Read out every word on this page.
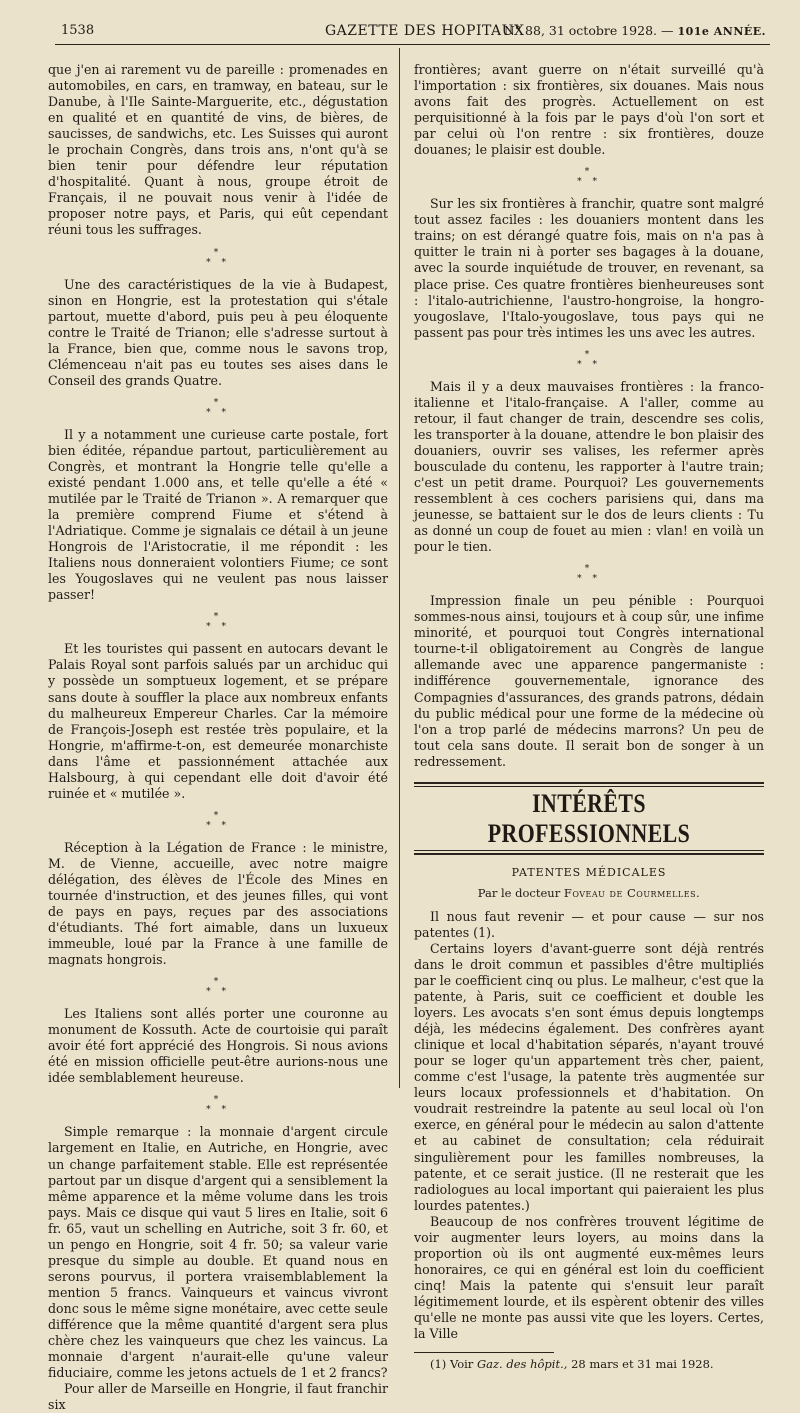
1538	GAZETTE DES HOPITAUX
N° 88, 31 octobre 1928. — 101e ANNÉE.

que j'en ai rarement vu de pareille : promenades en automobiles, en cars, en tramway, en bateau, sur le Danube, à l'Ile Sainte-Marguerite, etc., dégustation en qualité et en quantité de vins, de bières, de saucisses, de sandwichs, etc. Les Suisses qui auront le prochain Congrès, dans trois ans, n'ont qu'à se bien tenir pour défendre leur réputation d'hospitalité. Quant à nous, groupe étroit de Français, il ne pouvait nous venir à l'idée de proposer notre pays, et Paris, qui eût cependant réuni tous les suffrages.

*
* *

Une des caractéristiques de la vie à Budapest, sinon en Hongrie, est la protestation qui s'étale partout, muette d'abord, puis peu à peu éloquente contre le Traité de Trianon; elle s'adresse surtout à la France, bien que, comme nous le savons trop, Clémenceau n'ait pas eu toutes ses aises dans le Conseil des grands Quatre.

*
* *

Il y a notamment une curieuse carte postale, fort bien éditée, répandue partout, particulièrement au Congrès, et montrant la Hongrie telle qu'elle a existé pendant 1.000 ans, et telle qu'elle a été « mutilée par le Traité de Trianon ». A remarquer que la première comprend Fiume et s'étend à l'Adriatique. Comme je signalais ce détail à un jeune Hongrois de l'Aristocratie, il me répondit : les Italiens nous donneraient volontiers Fiume; ce sont les Yougoslaves qui ne veulent pas nous laisser passer!

*
* *

Et les touristes qui passent en autocars devant le Palais Royal sont parfois salués par un archiduc qui y possède un somptueux logement, et se prépare sans doute à souffler la place aux nombreux enfants du malheureux Empereur Charles. Car la mémoire de François-Joseph est restée très populaire, et la Hongrie, m'affirme-t-on, est demeurée monarchiste dans l'âme et passionnément attachée aux Halsbourg, à qui cependant elle doit d'avoir été ruinée et « mutilée ».

*
* *

Réception à la Légation de France : le ministre, M. de Vienne, accueille, avec notre maigre délégation, des élèves de l'École des Mines en tournée d'instruction, et des jeunes filles, qui vont de pays en pays, reçues par des associations d'étudiants. Thé fort aimable, dans un luxueux immeuble, loué par la France à une famille de magnats hongrois.

*
* *

Les Italiens sont allés porter une couronne au monument de Kossuth. Acte de courtoisie qui paraît avoir été fort apprécié des Hongrois. Si nous avions été en mission officielle peut-être aurions-nous une idée semblablement heureuse.

*
* *

Simple remarque : la monnaie d'argent circule largement en Italie, en Autriche, en Hongrie, avec un change parfaitement stable. Elle est représentée partout par un disque d'argent qui a sensiblement la même apparence et la même volume dans les trois pays. Mais ce disque qui vaut 5 lires en Italie, soit 6 fr. 65, vaut un schelling en Autriche, soit 3 fr. 60, et un pengo en Hongrie, soit 4 fr. 50; sa valeur varie presque du simple au double. Et quand nous en serons pourvus, il portera vraisemblablement la mention 5 francs. Vainqueurs et vaincus vivront donc sous le même signe monétaire, avec cette seule différence que la même quantité d'argent sera plus chère chez les vainqueurs que chez les vaincus. La monnaie d'argent n'aurait-elle qu'une valeur fiduciaire, comme les jetons actuels de 1 et 2 francs?

Pour aller de Marseille en Hongrie, il faut franchir six

frontières; avant guerre on n'était surveillé qu'à l'importation : six frontières, six douanes. Mais nous avons fait des progrès. Actuellement on est perquisitionné à la fois par le pays d'où l'on sort et par celui où l'on rentre : six frontières, douze douanes; le plaisir est double.

*
* *

Sur les six frontières à franchir, quatre sont malgré tout assez faciles : les douaniers montent dans les trains; on est dérangé quatre fois, mais on n'a pas à quitter le train ni à porter ses bagages à la douane, avec la sourde inquiétude de trouver, en revenant, sa place prise. Ces quatre frontières bienheureuses sont : l'italo-autrichienne, l'austro-hongroise, la hongro-yougoslave, l'Italo-yougoslave, tous pays qui ne passent pas pour très intimes les uns avec les autres.

*
* *

Mais il y a deux mauvaises frontières : la franco-italienne et l'italo-française. A l'aller, comme au retour, il faut changer de train, descendre ses colis, les transporter à la douane, attendre le bon plaisir des douaniers, ouvrir ses valises, les refermer après bousculade du contenu, les rapporter à l'autre train; c'est un petit drame. Pourquoi? Les gouvernements ressemblent à ces cochers parisiens qui, dans ma jeunesse, se battaient sur le dos de leurs clients : Tu as donné un coup de fouet au mien : vlan! en voilà un pour le tien.

*
* *

Impression finale un peu pénible : Pourquoi sommes-nous ainsi, toujours et à coup sûr, une infime minorité, et pourquoi tout Congrès international tourne-t-il obligatoirement au Congrès de langue allemande avec une apparence pangermaniste : indifférence gouvernementale, ignorance des Compagnies d'assurances, des grands patrons, dédain du public médical pour une forme de la médecine où l'on a trop parlé de médecins marrons? Un peu de tout cela sans doute. Il serait bon de songer à un redressement.

INTÉRÊTS PROFESSIONNELS
PATENTES MÉDICALES
Par le docteur Foveau de Courmelles.

Il nous faut revenir — et pour cause — sur nos patentes (1).

Certains loyers d'avant-guerre sont déjà rentrés dans le droit commun et passibles d'être multipliés par le coefficient cinq ou plus. Le malheur, c'est que la patente, à Paris, suit ce coefficient et double les loyers. Les avocats s'en sont émus depuis longtemps déjà, les médecins également. Des confrères ayant clinique et local d'habitation séparés, n'ayant trouvé pour se loger qu'un appartement très cher, paient, comme c'est l'usage, la patente très augmentée sur leurs locaux professionnels et d'habitation. On voudrait restreindre la patente au seul local où l'on exerce, en général pour le médecin au salon d'attente et au cabinet de consultation; cela réduirait singulièrement pour les familles nombreuses, la patente, et ce serait justice. (Il ne resterait que les radiologues au local important qui paieraient les plus lourdes patentes.)

Beaucoup de nos confrères trouvent légitime de voir augmenter leurs loyers, au moins dans la proportion où ils ont augmenté eux-mêmes leurs honoraires, ce qui en général est loin du coefficient cinq! Mais la patente qui s'ensuit leur paraît légitimement lourde, et ils espèrent obtenir des villes qu'elle ne monte pas aussi vite que les loyers. Certes, la Ville

(1) Voir Gaz. des hôpit., 28 mars et 31 mai 1928.
